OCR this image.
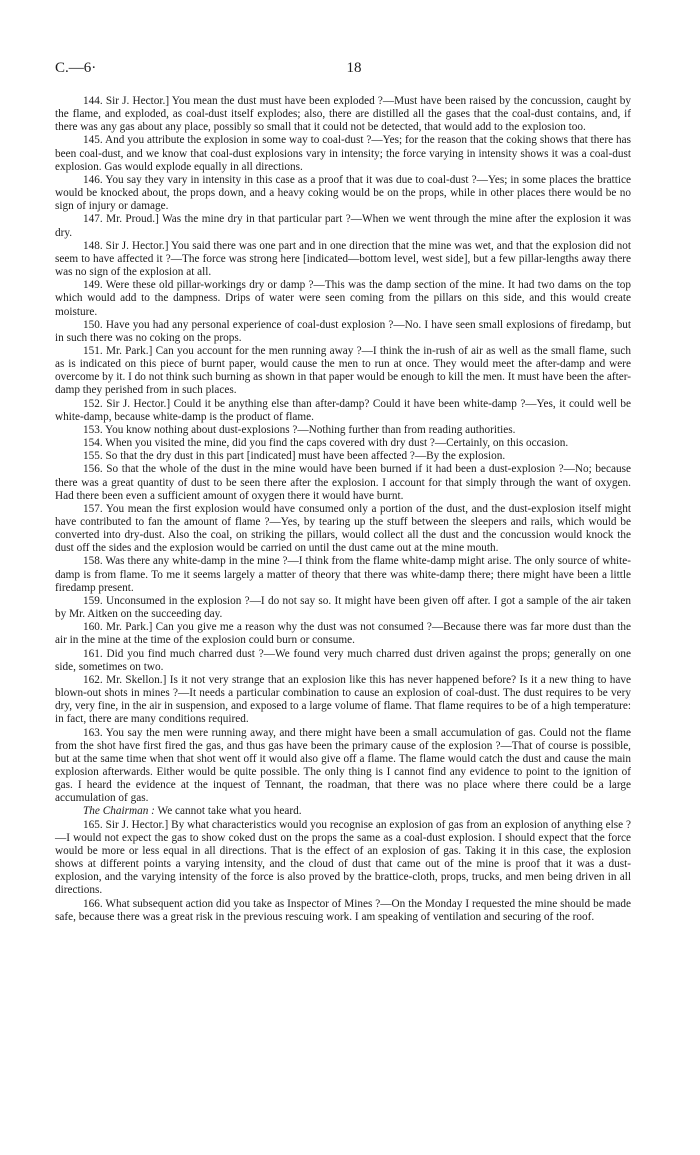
C.—6·	18

144. Sir J. Hector.] You mean the dust must have been exploded ?—Must have been raised by the concussion, caught by the flame, and exploded, as coal-dust itself explodes; also, there are distilled all the gases that the coal-dust contains, and, if there was any gas about any place, possibly so small that it could not be detected, that would add to the explosion too.

145. And you attribute the explosion in some way to coal-dust ?—Yes; for the reason that the coking shows that there has been coal-dust, and we know that coal-dust explosions vary in intensity; the force varying in intensity shows it was a coal-dust explosion. Gas would explode equally in all directions.

146. You say they vary in intensity in this case as a proof that it was due to coal-dust ?—Yes; in some places the brattice would be knocked about, the props down, and a heavy coking would be on the props, while in other places there would be no sign of injury or damage.

147. Mr. Proud.] Was the mine dry in that particular part ?—When we went through the mine after the explosion it was dry.

148. Sir J. Hector.] You said there was one part and in one direction that the mine was wet, and that the explosion did not seem to have affected it ?—The force was strong here [indicated—bottom level, west side], but a few pillar-lengths away there was no sign of the explosion at all.

149. Were these old pillar-workings dry or damp ?—This was the damp section of the mine. It had two dams on the top which would add to the dampness. Drips of water were seen coming from the pillars on this side, and this would create moisture.

150. Have you had any personal experience of coal-dust explosion ?—No. I have seen small explosions of firedamp, but in such there was no coking on the props.

151. Mr. Park.] Can you account for the men running away ?—I think the in-rush of air as well as the small flame, such as is indicated on this piece of burnt paper, would cause the men to run at once. They would meet the after-damp and were overcome by it. I do not think such burning as shown in that paper would be enough to kill the men. It must have been the after-damp they perished from in such places.

152. Sir J. Hector.] Could it be anything else than after-damp? Could it have been white-damp ?—Yes, it could well be white-damp, because white-damp is the product of flame.

153. You know nothing about dust-explosions ?—Nothing further than from reading authorities.

154. When you visited the mine, did you find the caps covered with dry dust ?—Certainly, on this occasion.

155. So that the dry dust in this part [indicated] must have been affected ?—By the explosion.

156. So that the whole of the dust in the mine would have been burned if it had been a dust-explosion ?—No; because there was a great quantity of dust to be seen there after the explosion. I account for that simply through the want of oxygen. Had there been even a sufficient amount of oxygen there it would have burnt.

157. You mean the first explosion would have consumed only a portion of the dust, and the dust-explosion itself might have contributed to fan the amount of flame ?—Yes, by tearing up the stuff between the sleepers and rails, which would be converted into dry-dust. Also the coal, on striking the pillars, would collect all the dust and the concussion would knock the dust off the sides and the explosion would be carried on until the dust came out at the mine mouth.

158. Was there any white-damp in the mine ?—I think from the flame white-damp might arise. The only source of white-damp is from flame. To me it seems largely a matter of theory that there was white-damp there; there might have been a little firedamp present.

159. Unconsumed in the explosion ?—I do not say so. It might have been given off after. I got a sample of the air taken by Mr. Aitken on the succeeding day.

160. Mr. Park.] Can you give me a reason why the dust was not consumed ?—Because there was far more dust than the air in the mine at the time of the explosion could burn or consume.

161. Did you find much charred dust ?—We found very much charred dust driven against the props; generally on one side, sometimes on two.

162. Mr. Skellon.] Is it not very strange that an explosion like this has never happened before? Is it a new thing to have blown-out shots in mines ?—It needs a particular combination to cause an explosion of coal-dust. The dust requires to be very dry, very fine, in the air in suspension, and exposed to a large volume of flame. That flame requires to be of a high temperature: in fact, there are many conditions required.

163. You say the men were running away, and there might have been a small accumulation of gas. Could not the flame from the shot have first fired the gas, and thus gas have been the primary cause of the explosion ?—That of course is possible, but at the same time when that shot went off it would also give off a flame. The flame would catch the dust and cause the main explosion afterwards. Either would be quite possible. The only thing is I cannot find any evidence to point to the ignition of gas. I heard the evidence at the inquest of Tennant, the roadman, that there was no place where there could be a large accumulation of gas.

The Chairman : We cannot take what you heard.

165. Sir J. Hector.] By what characteristics would you recognise an explosion of gas from an explosion of anything else ?—I would not expect the gas to show coked dust on the props the same as a coal-dust explosion. I should expect that the force would be more or less equal in all directions. That is the effect of an explosion of gas. Taking it in this case, the explosion shows at different points a varying intensity, and the cloud of dust that came out of the mine is proof that it was a dust-explosion, and the varying intensity of the force is also proved by the brattice-cloth, props, trucks, and men being driven in all directions.

166. What subsequent action did you take as Inspector of Mines ?—On the Monday I requested the mine should be made safe, because there was a great risk in the previous rescuing work. I am speaking of ventilation and securing of the roof.
